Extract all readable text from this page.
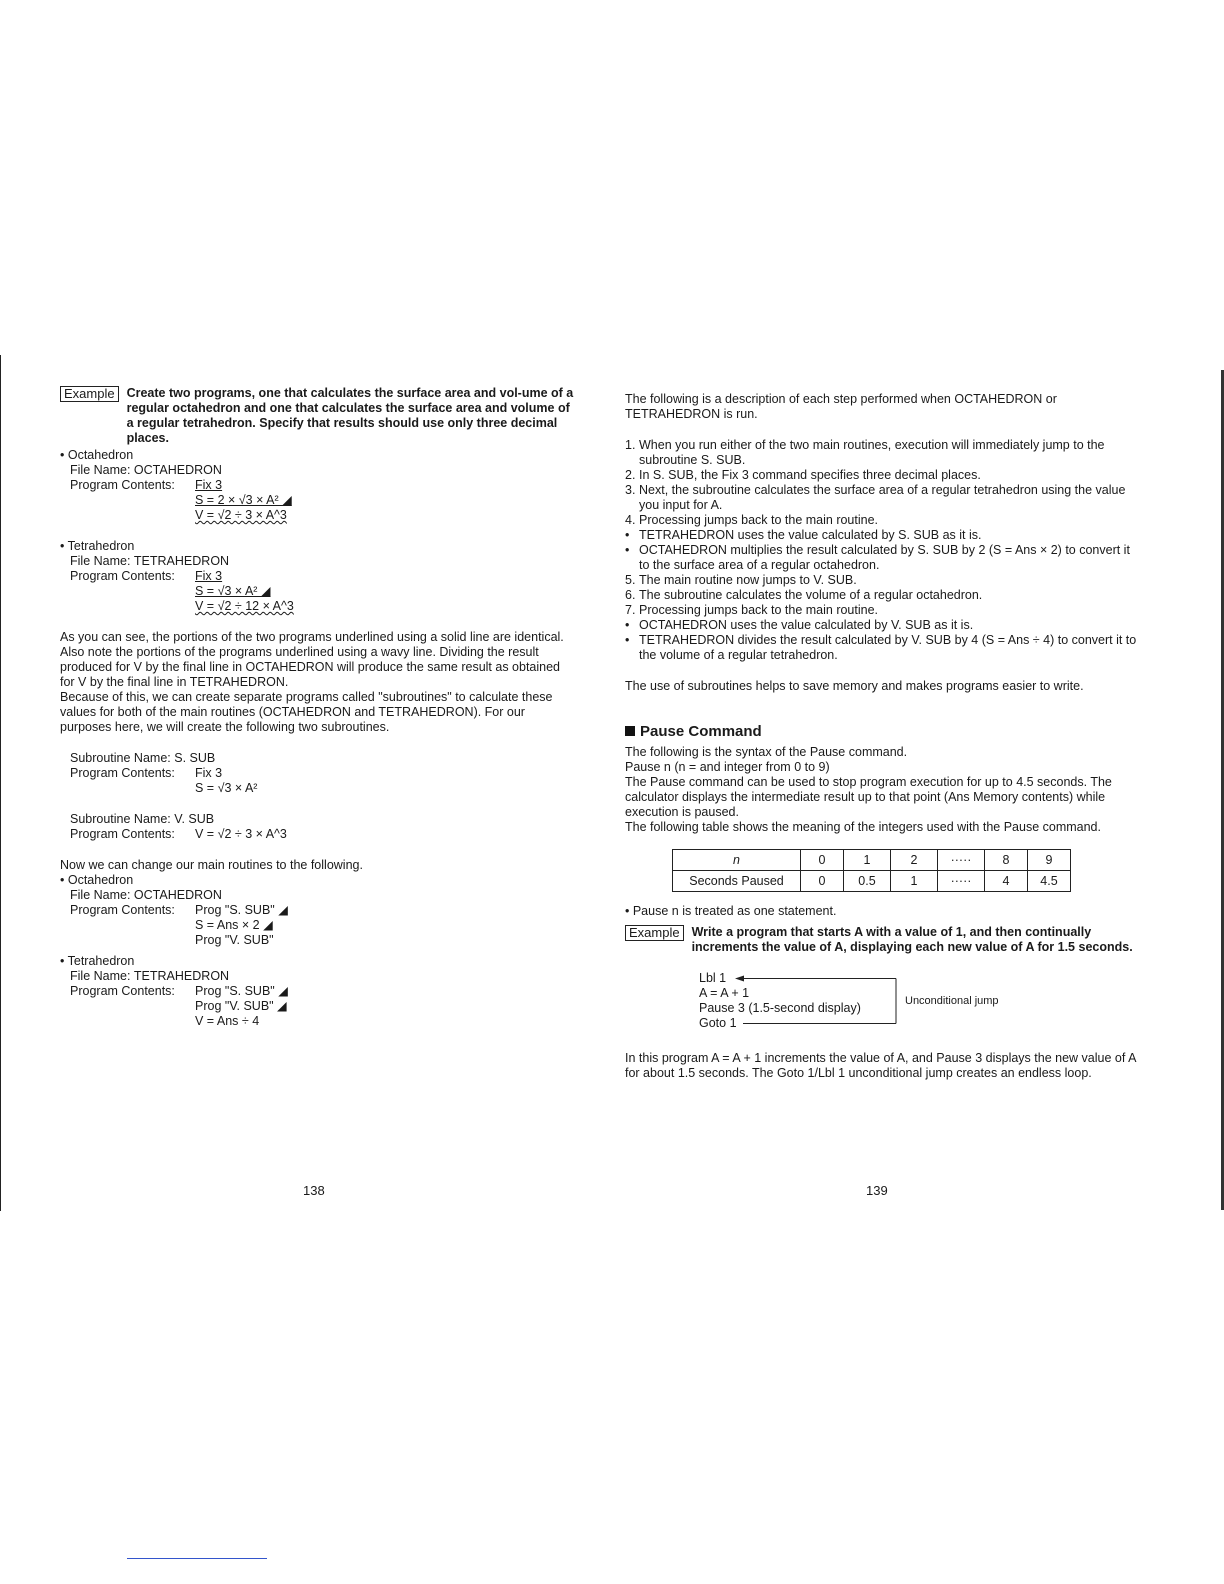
Example Create two programs, one that calculates the surface area and vol-ume of a regular octahedron and one that calculates the surface area and volume of a regular tetrahedron. Specify that results should use only three decimal places.
• Octahedron
File Name:
OCTAHEDRON
Program Contents:	Fix 3
S = 2 × √3 × A² ◢
V = √2 ÷ 3 × A^3
• Tetrahedron
File Name:
TETRAHEDRON
Program Contents:	Fix 3
S = √3 × A² ◢
V = √2 ÷ 12 × A^3

As you can see, the portions of the two programs underlined using a solid line are identical. Also note the portions of the programs underlined using a wavy line. Dividing the result produced for V by the final line in OCTAHEDRON will produce the same result as obtained for V by the final line in TETRAHEDRON.
Because of this, we can create separate programs called "subroutines" to calculate these values for both of the main routines (OCTAHEDRON and TETRAHEDRON). For our purposes here, we will create the following two subroutines.

Subroutine Name:
S. SUB
Program Contents:	Fix 3
S = √3 × A²
Subroutine Name:
V. SUB
Program Contents:	V = √2 ÷ 3 × A^3

Now we can change our main routines to the following.

• Octahedron
File Name:
OCTAHEDRON
Program Contents:	Prog "S. SUB" ◢
S = Ans × 2 ◢
Prog "V. SUB"
• Tetrahedron
File Name:
TETRAHEDRON
Program Contents:	Prog "S. SUB" ◢
Prog "V. SUB" ◢
V = Ans ÷ 4
138

The following is a description of each step performed when OCTAHEDRON or TETRAHEDRON is run.

1. When you run either of the two main routines, execution will immediately jump to the subroutine S. SUB.
2. In S. SUB, the Fix 3 command specifies three decimal places.
3. Next, the subroutine calculates the surface area of a regular tetrahedron using the value you input for A.
4. Processing jumps back to the main routine.
• TETRAHEDRON uses the value calculated by S. SUB as it is.
• OCTAHEDRON multiplies the result calculated by S. SUB by 2 (S = Ans × 2) to convert it to the surface area of a regular octahedron.
5. The main routine now jumps to V. SUB.
6. The subroutine calculates the volume of a regular octahedron.
7. Processing jumps back to the main routine.
• OCTAHEDRON uses the value calculated by V. SUB as it is.
• TETRAHEDRON divides the result calculated by V. SUB by 4 (S = Ans ÷ 4) to convert it to the volume of a regular tetrahedron.

The use of subroutines helps to save memory and makes programs easier to write.

Pause Command

The following is the syntax of the Pause command.
Pause n (n = and integer from 0 to 9)
The Pause command can be used to stop program execution for up to 4.5 seconds. The calculator displays the intermediate result up to that point (Ans Memory contents) while execution is paused.
The following table shows the meaning of the integers used with the Pause command.

n	0	1	2	·····	8	9
Seconds Paused	0	0.5	1	·····	4	4.5

• Pause n is treated as one statement.

Example Write a program that starts A with a value of 1, and then continually increments the value of A, displaying each new value of A for 1.5 seconds.
Lbl 1
A = A + 1
Pause 3 (1.5-second display)
Goto 1
Unconditional jump

In this program A = A + 1 increments the value of A, and Pause 3 displays the new value of A for about 1.5 seconds. The Goto 1/Lbl 1 unconditional jump creates an endless loop.

139
